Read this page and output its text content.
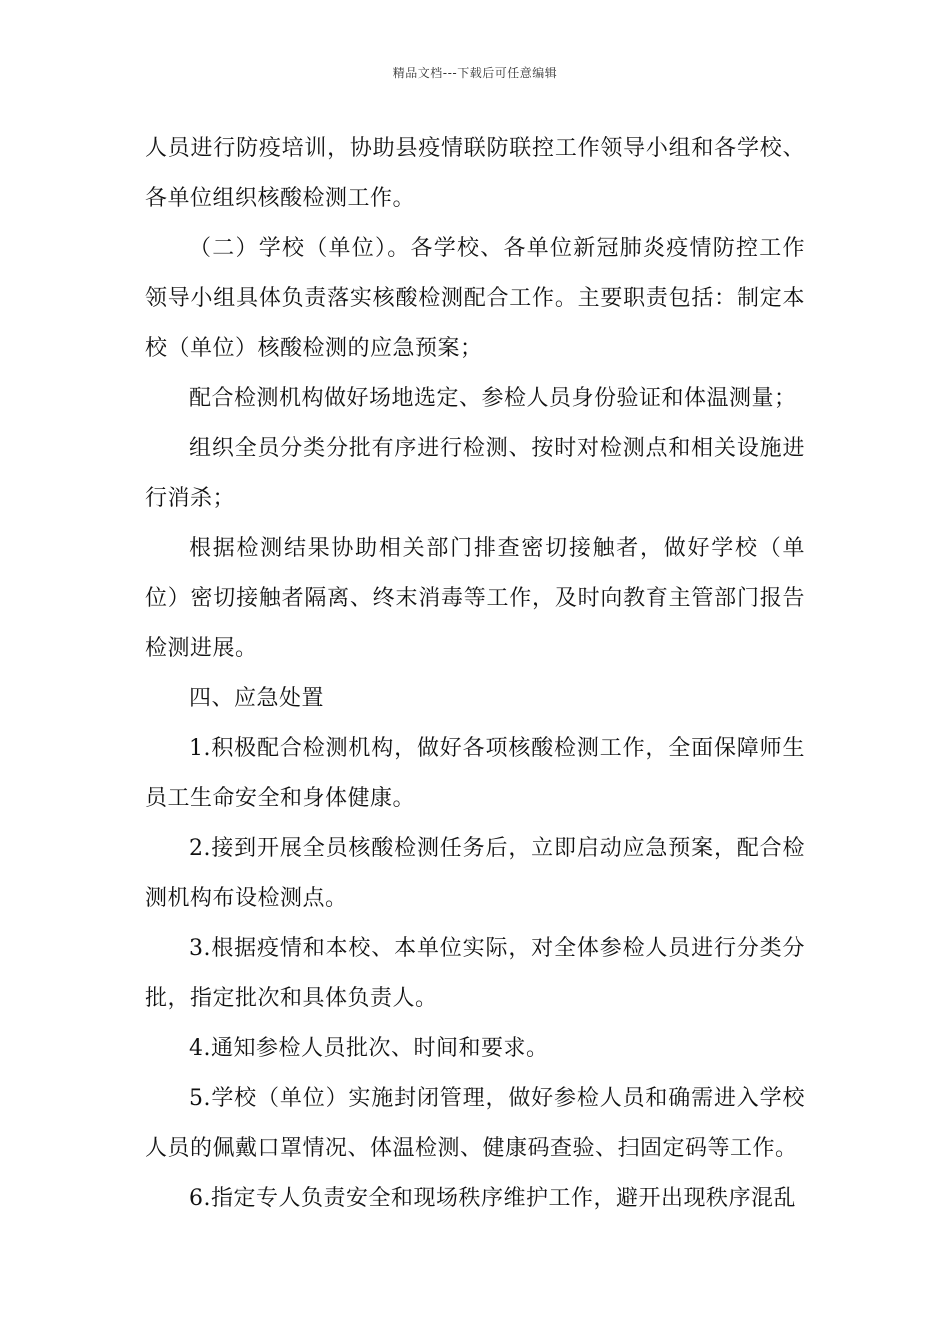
精品文档---下载后可任意编辑

人员进行防疫培训，协助县疫情联防联控工作领导小组和各学校、各单位组织核酸检测工作。

（二）学校（单位）。各学校、各单位新冠肺炎疫情防控工作领导小组具体负责落实核酸检测配合工作。主要职责包括：制定本校（单位）核酸检测的应急预案；

配合检测机构做好场地选定、参检人员身份验证和体温测量；

组织全员分类分批有序进行检测、按时对检测点和相关设施进行消杀；

根据检测结果协助相关部门排查密切接触者，做好学校（单位）密切接触者隔离、终末消毒等工作，及时向教育主管部门报告检测进展。

四、应急处置

1.积极配合检测机构，做好各项核酸检测工作，全面保障师生员工生命安全和身体健康。

2.接到开展全员核酸检测任务后，立即启动应急预案，配合检测机构布设检测点。

3.根据疫情和本校、本单位实际，对全体参检人员进行分类分批，指定批次和具体负责人。

4.通知参检人员批次、时间和要求。

5.学校（单位）实施封闭管理，做好参检人员和确需进入学校人员的佩戴口罩情况、体温检测、健康码查验、扫固定码等工作。

6.指定专人负责安全和现场秩序维护工作，避开出现秩序混乱
